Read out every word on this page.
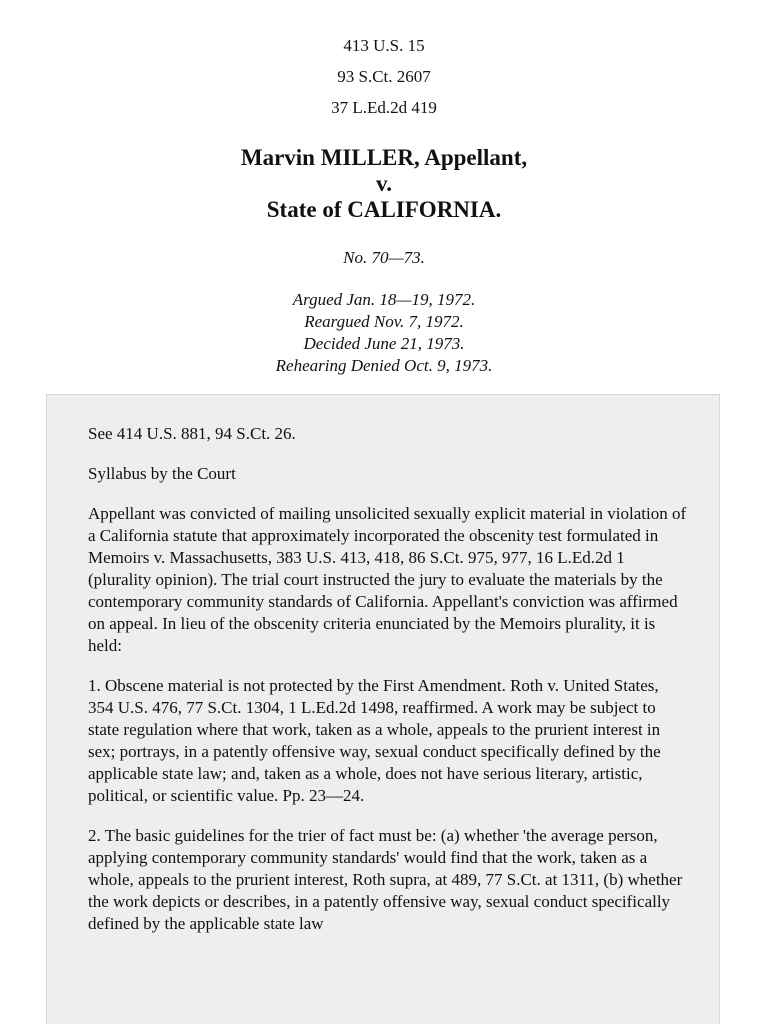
413 U.S. 15
93 S.Ct. 2607
37 L.Ed.2d 419
Marvin MILLER, Appellant,
v.
State of CALIFORNIA.
No. 70—73.
Argued Jan. 18—19, 1972.
Reargued Nov. 7, 1972.
Decided June 21, 1973.
Rehearing Denied Oct. 9, 1973.

See 414 U.S. 881, 94 S.Ct. 26.

Syllabus by the Court

Appellant was convicted of mailing unsolicited sexually explicit material in violation of a California statute that approximately incorporated the obscenity test formulated in Memoirs v. Massachusetts, 383 U.S. 413, 418, 86 S.Ct. 975, 977, 16 L.Ed.2d 1 (plurality opinion). The trial court instructed the jury to evaluate the materials by the contemporary community standards of California. Appellant's conviction was affirmed on appeal. In lieu of the obscenity criteria enunciated by the Memoirs plurality, it is held:

1. Obscene material is not protected by the First Amendment. Roth v. United States, 354 U.S. 476, 77 S.Ct. 1304, 1 L.Ed.2d 1498, reaffirmed. A work may be subject to state regulation where that work, taken as a whole, appeals to the prurient interest in sex; portrays, in a patently offensive way, sexual conduct specifically defined by the applicable state law; and, taken as a whole, does not have serious literary, artistic, political, or scientific value. Pp. 23—24.

2. The basic guidelines for the trier of fact must be: (a) whether 'the average person, applying contemporary community standards' would find that the work, taken as a whole, appeals to the prurient interest, Roth supra, at 489, 77 S.Ct. at 1311, (b) whether the work depicts or describes, in a patently offensive way, sexual conduct specifically defined by the applicable state law
